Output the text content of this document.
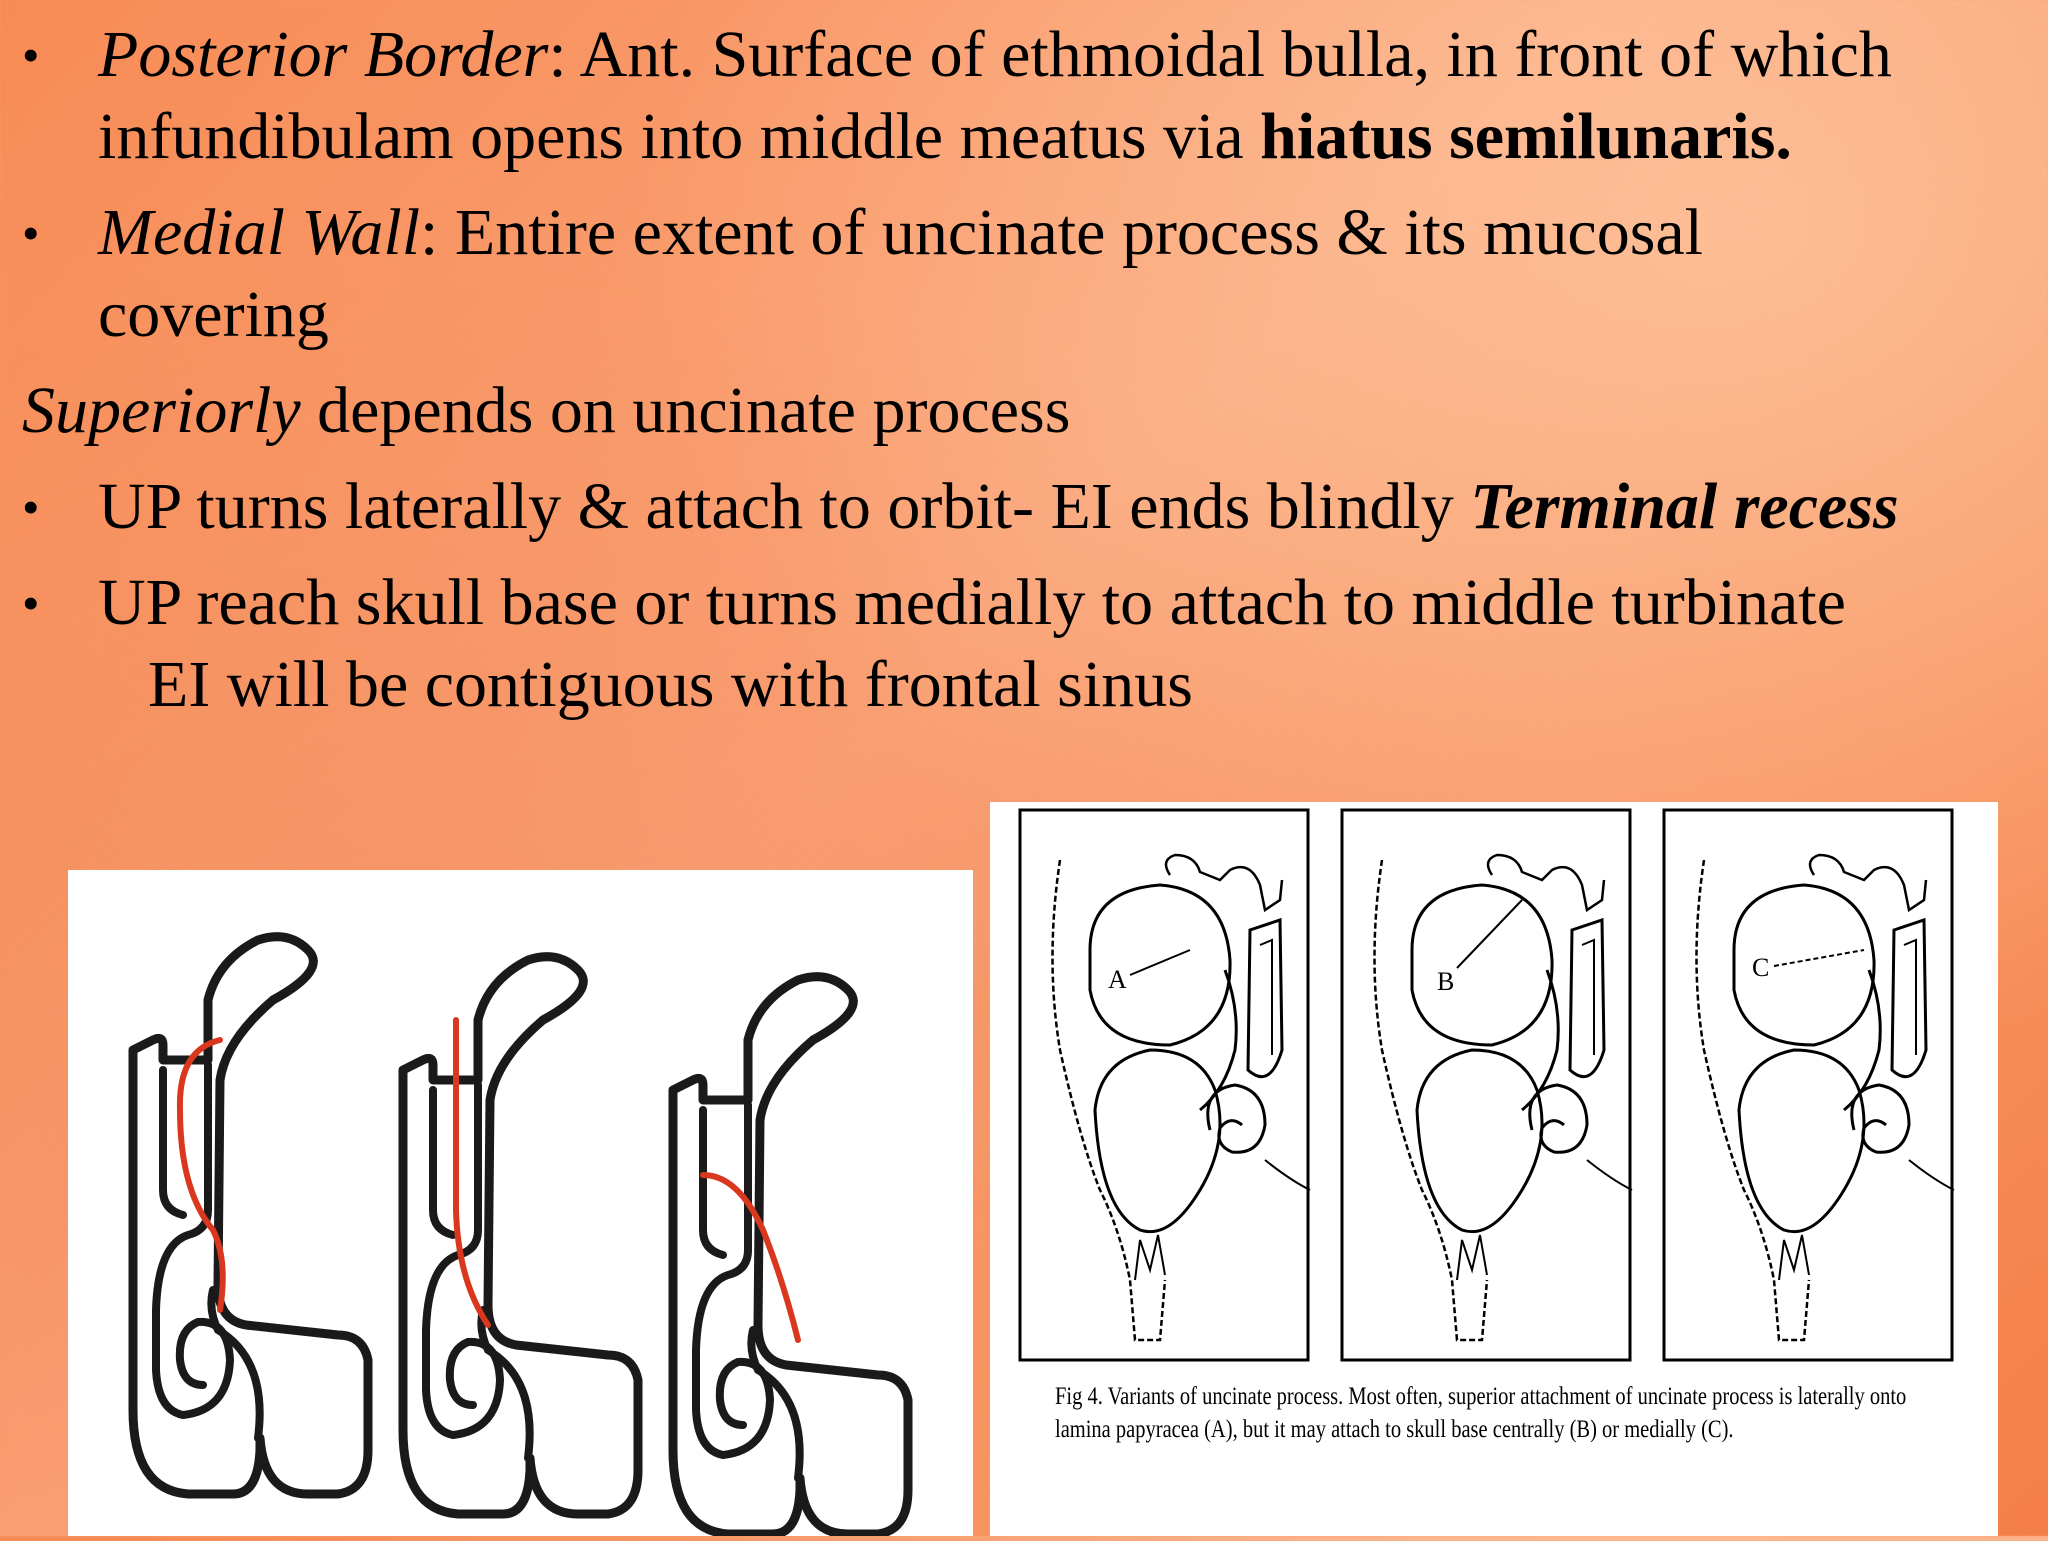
• Posterior Border: Ant. Surface of ethmoidal bulla, in front of which
infundibulam opens into middle meatus via hiatus semilunaris.
• Medial Wall: Entire extent of uncinate process & its mucosal
covering
Superiorly depends on uncinate process
• UP turns laterally & attach to orbit- EI ends blindly Terminal recess
• UP reach skull base or turns medially to attach to middle turbinate
EI will be contiguous with frontal sinus
A	B	C
Fig 4. Variants of uncinate process. Most often, superior attachment of uncinate process is laterally onto
lamina papyracea (A), but it may attach to skull base centrally (B) or medially (C).
